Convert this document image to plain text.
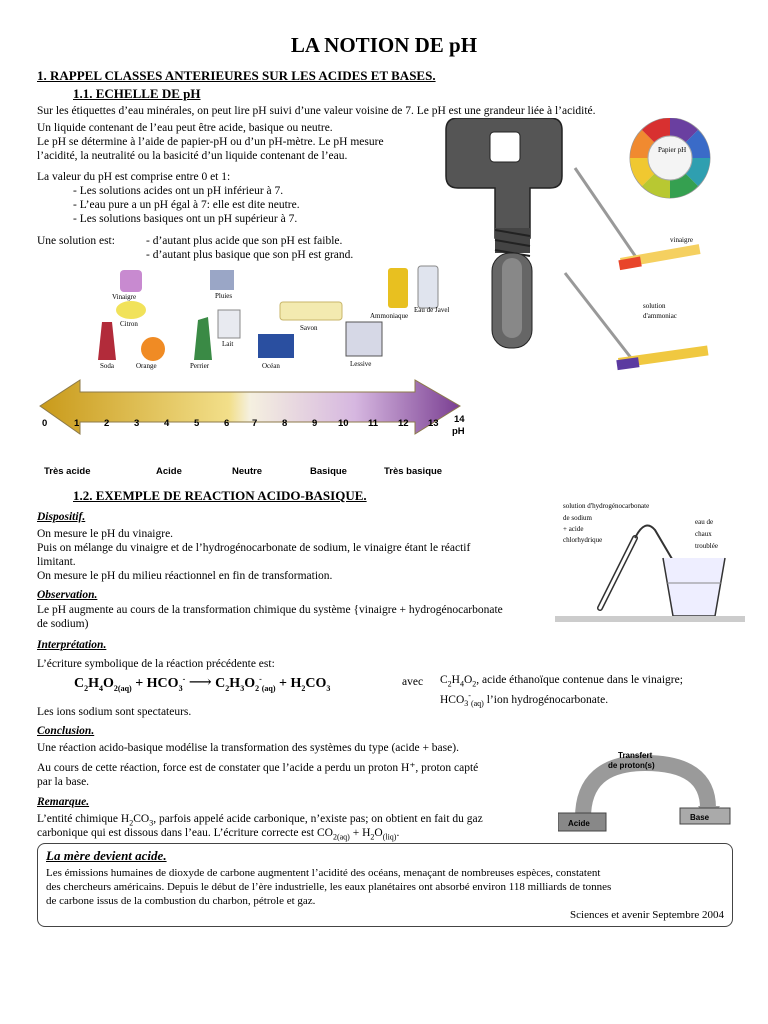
LA NOTION DE pH
1. RAPPEL CLASSES ANTERIEURES SUR LES ACIDES ET BASES.
1.1. ECHELLE DE pH
Sur les étiquettes d’eau minérales, on peut lire pH suivi d’une valeur voisine de 7. Le pH est une grandeur liée à l’acidité.
Un liquide contenant de l’eau peut être acide, basique ou neutre.
Le pH se détermine à l’aide de papier-pH ou d’un pH-mètre. Le pH mesure
l’acidité, la neutralité ou la basicité d’un liquide contenant de l’eau.
La valeur du pH est comprise entre 0 et 1:
- Les solutions acides ont un pH inférieur à 7.
- L’eau pure a un pH égal à 7: elle est dite neutre.
- Les solutions basiques ont un pH supérieur à 7.
Une solution est:	- d’autant plus acide que son pH est faible.
- d’autant plus basique que son pH est grand.
Papier pH
vinaigre
solution
d'ammoniac
Vinaigre
Citron
Soda	Orange
Pluies
Lait
Perrier	Océan
Savon
Lessive
Ammoniaque
Eau de Javel
0	1	2	3	4	5	6 7	8	9 10 11 12 13 14
pH
Très acide	Acide	Neutre	Basique	Très basique
1.2. EXEMPLE DE REACTION ACIDO-BASIQUE.
Dispositif.
On mesure le pH du vinaigre.
Puis on mélange du vinaigre et de l’hydrogénocarbonate de sodium, le vinaigre étant le réactif
limitant.
On mesure le pH du milieu réactionnel en fin de transformation.
Observation.
Le pH augmente au cours de la transformation chimique du système {vinaigre + hydrogénocarbonate
de sodium)
Interprétation.
L’écriture symbolique de la réaction précédente est:
$C_2H_4O_{2(aq)} + HCO_3^-$ ⟶ $C_2H_3O_2^-_{(aq)} + H_2CO_3$
avec $C_2H_4O_2$, acide éthanoïque contenue dans le vinaigre;
$HCO_3^-_{(aq)}$ l’ion hydrogénocarbonate.
Les ions sodium sont spectateurs.
Conclusion.
Une réaction acido-basique modélise la transformation des systèmes du type (acide + base).
Au cours de cette réaction, force est de constater que l’acide a perdu un proton H⁺, proton capté
par la base.
Remarque.
L’entité chimique $H_2CO_3$, parfois appelé acide carbonique, n’existe pas; on obtient en fait du gaz
carbonique qui est dissous dans l’eau. L’écriture correcte est $CO_{2(aq)} + H_2O_{(liq)}$.
solution d'hydrogénocarbonate
de sodium
+ acide
chlorhydrique
eau de
chaux
troublée
Transfert
de proton(s)
Acide
Base
La mère devient acide.
Les émissions humaines de dioxyde de carbone augmentent l’acidité des océans, menaçant de nombreuses espèces, constatent
des chercheurs américains. Depuis le début de l’ère industrielle, les eaux planétaires ont absorbé environ 118 milliards de tonnes
de carbone issus de la combustion du charbon, pétrole et gaz.
Sciences et avenir Septembre 2004
